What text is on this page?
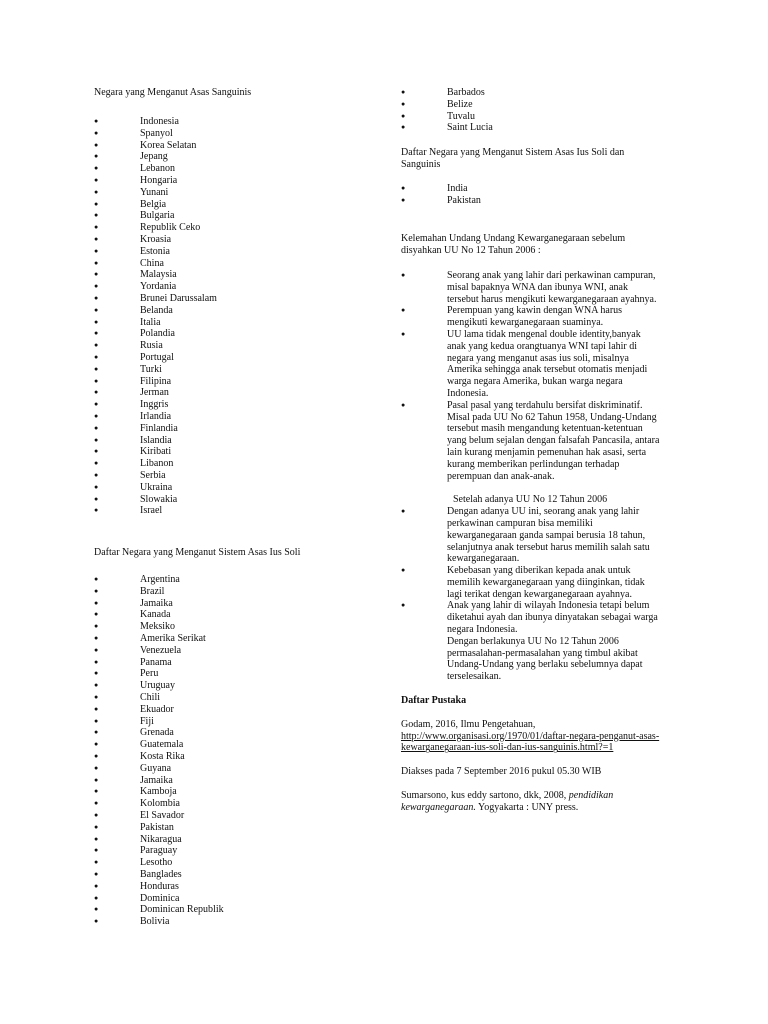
Negara yang Menganut Asas Sanguinis

● Indonesia
● Spanyol
● Korea Selatan
● Jepang
● Lebanon
● Hongaria
● Yunani
● Belgia
● Bulgaria
● Republik Ceko
● Kroasia
● Estonia
● China
● Malaysia
● Yordania
● Brunei Darussalam
● Belanda
● Italia
● Polandia
● Rusia
● Portugal
● Turki
● Filipina
● Jerman
● Inggris
● Irlandia
● Finlandia
● Islandia
● Kiribati
● Libanon
● Serbia
● Ukraina
● Slowakia
● Israel

Daftar Negara yang Menganut Sistem Asas Ius Soli

● Argentina
● Brazil
● Jamaika
● Kanada
● Meksiko
● Amerika Serikat
● Venezuela
● Panama
● Peru
● Uruguay
● Chili
● Ekuador
● Fiji
● Grenada
● Guatemala
● Kosta Rika
● Guyana
● Jamaika
● Kamboja
● Kolombia
● El Savador
● Pakistan
● Nikaragua
● Paraguay
● Lesotho
● Banglades
● Honduras
● Dominica
● Dominican Republik
● Bolivia
● Barbados
● Belize
● Tuvalu
● Saint Lucia

Daftar Negara yang Menganut Sistem Asas Ius Soli dan

Sanguinis

● India
● Pakistan

Kelemahan Undang Undang Kewarganegaraan sebelum

disyahkan UU No 12 Tahun 2006 :

● Seorang anak yang lahir dari perkawinan campuran,
misal bapaknya WNA dan ibunya WNI, anak
tersebut harus mengikuti kewarganegaraan ayahnya.
● Perempuan yang kawin dengan WNA harus
mengikuti kewarganegaraan suaminya.
● UU lama tidak mengenal double identity,banyak
anak yang kedua orangtuanya WNI tapi lahir di
negara yang menganut asas ius soli, misalnya
Amerika sehingga anak tersebut otomatis menjadi
warga negara Amerika, bukan warga negara
Indonesia.
● Pasal pasal yang terdahulu bersifat diskriminatif.
Misal pada UU No 62 Tahun 1958, Undang-Undang
tersebut masih mengandung ketentuan-ketentuan
yang belum sejalan dengan falsafah Pancasila, antara
lain kurang menjamin pemenuhan hak asasi, serta
kurang memberikan perlindungan terhadap
perempuan dan anak-anak.

Setelah adanya UU No 12 Tahun 2006

● Dengan adanya UU ini, seorang anak yang lahir
perkawinan campuran bisa memiliki
kewarganegaraan ganda sampai berusia 18 tahun,
selanjutnya anak tersebut harus memilih salah satu
kewarganegaraan.
● Kebebasan yang diberikan kepada anak untuk
memilih kewarganegaraan yang diinginkan, tidak
lagi terikat dengan kewarganegaraan ayahnya.
● Anak yang lahir di wilayah Indonesia tetapi belum
diketahui ayah dan ibunya dinyatakan sebagai warga
negara Indonesia.
Dengan berlakunya UU No 12 Tahun 2006
permasalahan-permasalahan yang timbul akibat
Undang-Undang yang berlaku sebelumnya dapat
terselesaikan.

Daftar Pustaka

Godam, 2016, Ilmu Pengetahuan,

http://www.organisasi.org/1970/01/daftar-negara-penganut-asas-

kewarganegaraan-ius-soli-dan-ius-sanguinis.html?=1

Diakses pada 7 September 2016 pukul 05.30 WIB

Sumarsono, kus eddy sartono, dkk, 2008, pendidikan

kewarganegaraan. Yogyakarta : UNY press.
